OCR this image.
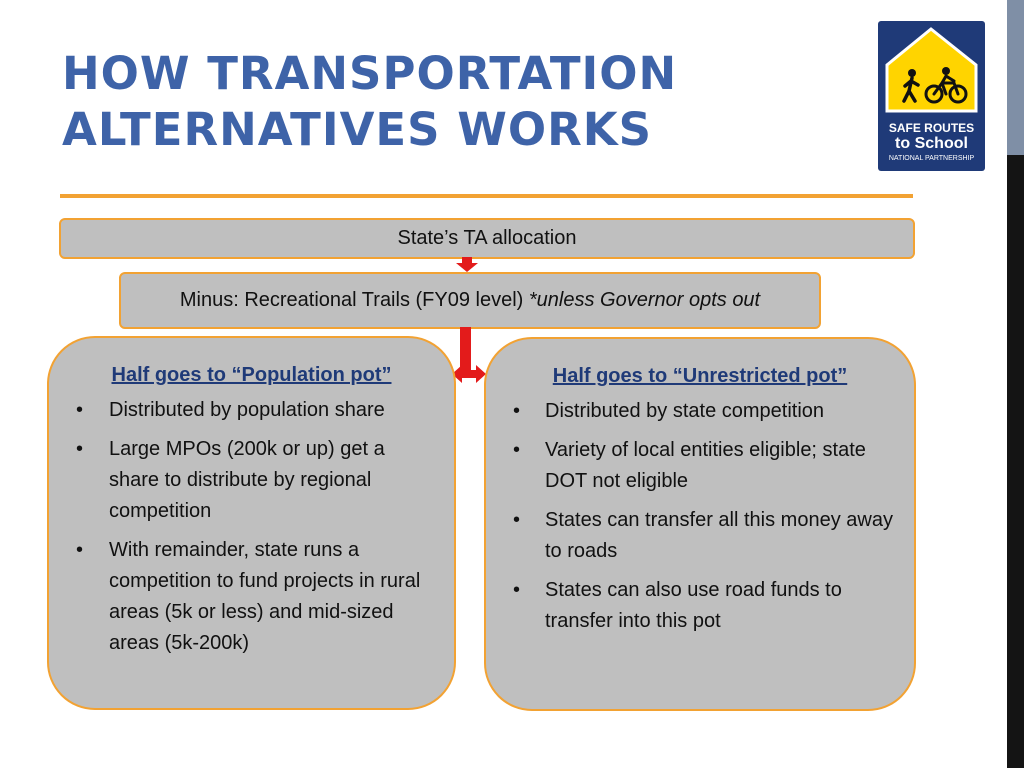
HOW TRANSPORTATION
ALTERNATIVES WORKS	SAFE ROUTES
to School
NATIONAL PARTNERSHIP
State’s TA allocation
Minus: Recreational Trails (FY09 level) *unless Governor opts out
Half goes to “Population pot”
• Distributed by population share
• Large MPOs (200k or up) get a share to distribute by regional competition
• With remainder, state runs a competition to fund projects in rural areas (5k or less) and mid-sized areas (5k-200k)
Half goes to “Unrestricted pot”
• Distributed by state competition
• Variety of local entities eligible; state DOT not eligible
• States can transfer all this money away to roads
• States can also use road funds to transfer into this pot
